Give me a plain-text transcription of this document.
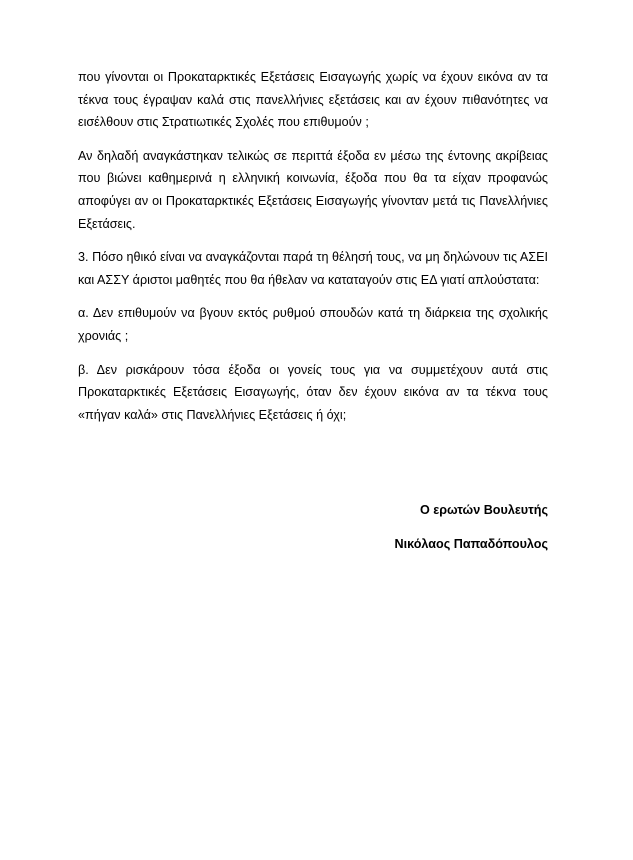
που γίνονται οι Προκαταρκτικές Εξετάσεις Εισαγωγής χωρίς να έχουν εικόνα αν τα τέκνα τους έγραψαν καλά στις πανελλήνιες εξετάσεις και αν έχουν πιθανότητες να εισέλθουν στις Στρατιωτικές Σχολές που επιθυμούν ;

Αν δηλαδή αναγκάστηκαν τελικώς σε περιττά έξοδα εν μέσω της έντονης ακρίβειας που βιώνει καθημερινά η ελληνική κοινωνία, έξοδα που θα τα είχαν προφανώς αποφύγει αν οι Προκαταρκτικές Εξετάσεις Εισαγωγής γίνονταν μετά τις Πανελλήνιες Εξετάσεις.

3. Πόσο ηθικό είναι να αναγκάζονται παρά τη θέλησή τους, να μη δηλώνουν τις ΑΣΕΙ και ΑΣΣΥ άριστοι μαθητές που θα ήθελαν να καταταγούν στις ΕΔ γιατί απλούστατα:

α. Δεν επιθυμούν να βγουν εκτός ρυθμού σπουδών κατά τη διάρκεια της σχολικής χρονιάς ;

β. Δεν ρισκάρουν τόσα έξοδα οι γονείς τους για να συμμετέχουν αυτά στις Προκαταρκτικές Εξετάσεις Εισαγωγής, όταν δεν έχουν εικόνα αν τα τέκνα τους «πήγαν καλά» στις Πανελλήνιες Εξετάσεις ή όχι;

Ο ερωτών Βουλευτής
Νικόλαος Παπαδόπουλος
